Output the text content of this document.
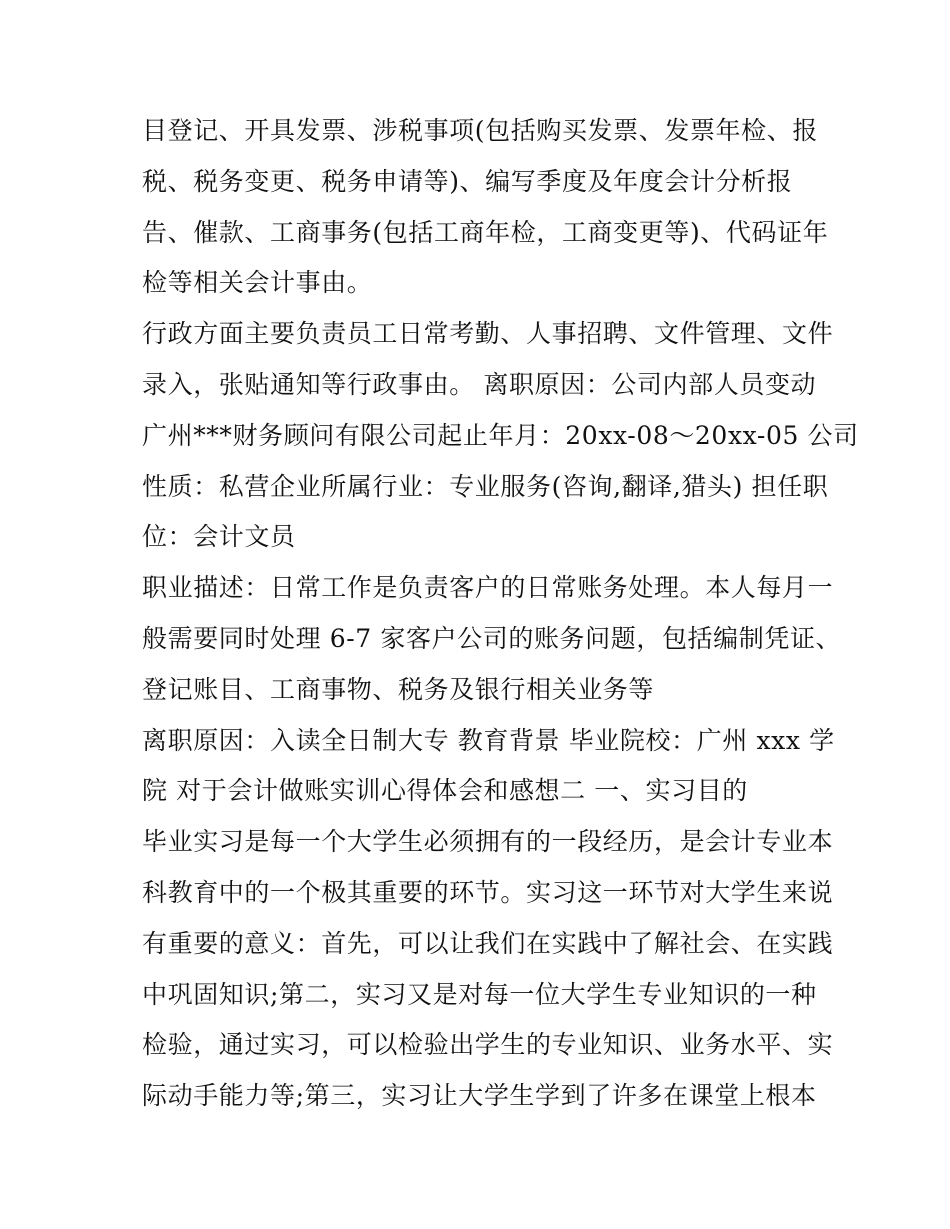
目登记、开具发票、涉税事项(包括购买发票、发票年检、报
税、税务变更、税务申请等)、编写季度及年度会计分析报
告、催款、工商事务(包括工商年检，工商变更等)、代码证年
检等相关会计事由。
行政方面主要负责员工日常考勤、人事招聘、文件管理、文件
录入，张贴通知等行政事由。 离职原因：公司内部人员变动
广州***财务顾问有限公司起止年月：20xx-08～20xx-05 公司
性质：私营企业所属行业：专业服务(咨询,翻译,猎头) 担任职
位：会计文员
职业描述：日常工作是负责客户的日常账务处理。本人每月一
般需要同时处理 6-7 家客户公司的账务问题，包括编制凭证、
登记账目、工商事物、税务及银行相关业务等
离职原因：入读全日制大专 教育背景 毕业院校：广州 xxx 学
院 对于会计做账实训心得体会和感想二 一、实习目的
毕业实习是每一个大学生必须拥有的一段经历，是会计专业本
科教育中的一个极其重要的环节。实习这一环节对大学生来说
有重要的意义：首先，可以让我们在实践中了解社会、在实践
中巩固知识;第二，实习又是对每一位大学生专业知识的一种
检验，通过实习，可以检验出学生的专业知识、业务水平、实
际动手能力等;第三，实习让大学生学到了许多在课堂上根本
